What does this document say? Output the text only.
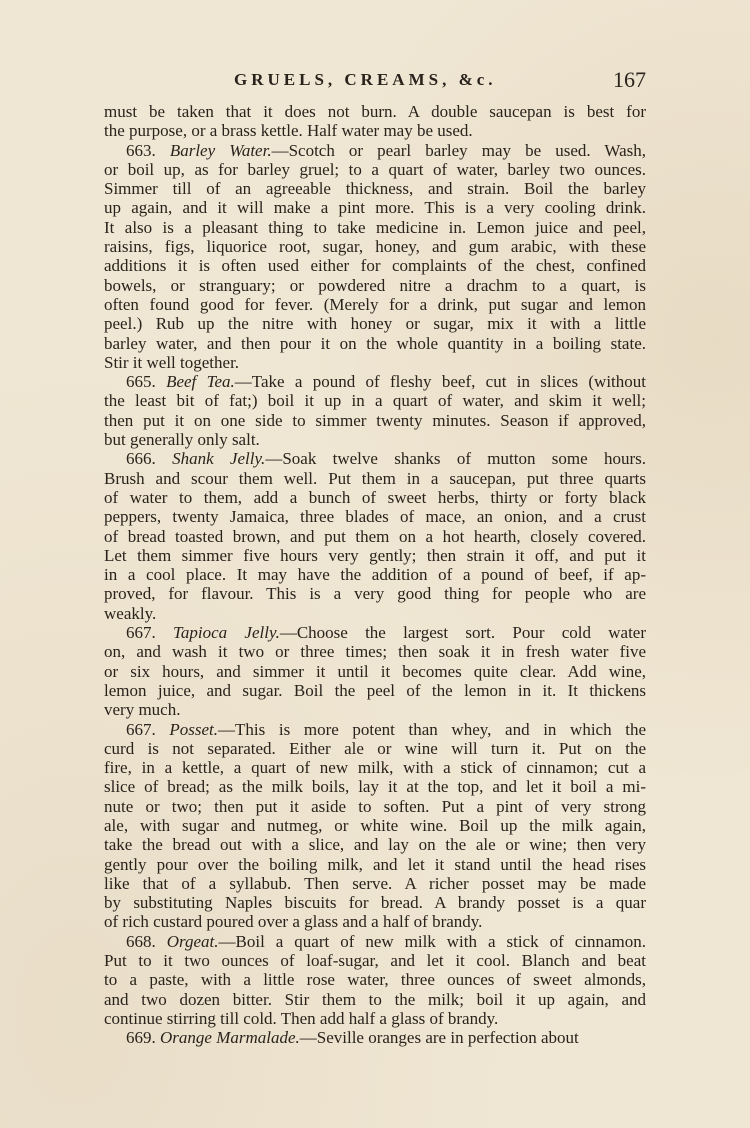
GRUELS, CREAMS, &c.	167
must be taken that it does not burn. A double saucepan is best for
the purpose, or a brass kettle. Half water may be used.
663. Barley Water.—Scotch or pearl barley may be used. Wash,
or boil up, as for barley gruel; to a quart of water, barley two ounces.
Simmer till of an agreeable thickness, and strain. Boil the barley
up again, and it will make a pint more. This is a very cooling drink.
It also is a pleasant thing to take medicine in. Lemon juice and peel,
raisins, figs, liquorice root, sugar, honey, and gum arabic, with these
additions it is often used either for complaints of the chest, confined
bowels, or stranguary; or powdered nitre a drachm to a quart, is
often found good for fever. (Merely for a drink, put sugar and lemon
peel.) Rub up the nitre with honey or sugar, mix it with a little
barley water, and then pour it on the whole quantity in a boiling state.
Stir it well together.
665. Beef Tea.—Take a pound of fleshy beef, cut in slices (without
the least bit of fat;) boil it up in a quart of water, and skim it well;
then put it on one side to simmer twenty minutes. Season if approved,
but generally only salt.
666. Shank Jelly.—Soak twelve shanks of mutton some hours.
Brush and scour them well. Put them in a saucepan, put three quarts
of water to them, add a bunch of sweet herbs, thirty or forty black
peppers, twenty Jamaica, three blades of mace, an onion, and a crust
of bread toasted brown, and put them on a hot hearth, closely covered.
Let them simmer five hours very gently; then strain it off, and put it
in a cool place. It may have the addition of a pound of beef, if ap-
proved, for flavour. This is a very good thing for people who are
weakly.
667. Tapioca Jelly.—Choose the largest sort. Pour cold water
on, and wash it two or three times; then soak it in fresh water five
or six hours, and simmer it until it becomes quite clear. Add wine,
lemon juice, and sugar. Boil the peel of the lemon in it. It thickens
very much.
667. Posset.—This is more potent than whey, and in which the
curd is not separated. Either ale or wine will turn it. Put on the
fire, in a kettle, a quart of new milk, with a stick of cinnamon; cut a
slice of bread; as the milk boils, lay it at the top, and let it boil a mi-
nute or two; then put it aside to soften. Put a pint of very strong
ale, with sugar and nutmeg, or white wine. Boil up the milk again,
take the bread out with a slice, and lay on the ale or wine; then very
gently pour over the boiling milk, and let it stand until the head rises
like that of a syllabub. Then serve. A richer posset may be made
by substituting Naples biscuits for bread. A brandy posset is a quar
of rich custard poured over a glass and a half of brandy.
668. Orgeat.—Boil a quart of new milk with a stick of cinnamon.
Put to it two ounces of loaf-sugar, and let it cool. Blanch and beat
to a paste, with a little rose water, three ounces of sweet almonds,
and two dozen bitter. Stir them to the milk; boil it up again, and
continue stirring till cold. Then add half a glass of brandy.
669. Orange Marmalade.—Seville oranges are in perfection about
